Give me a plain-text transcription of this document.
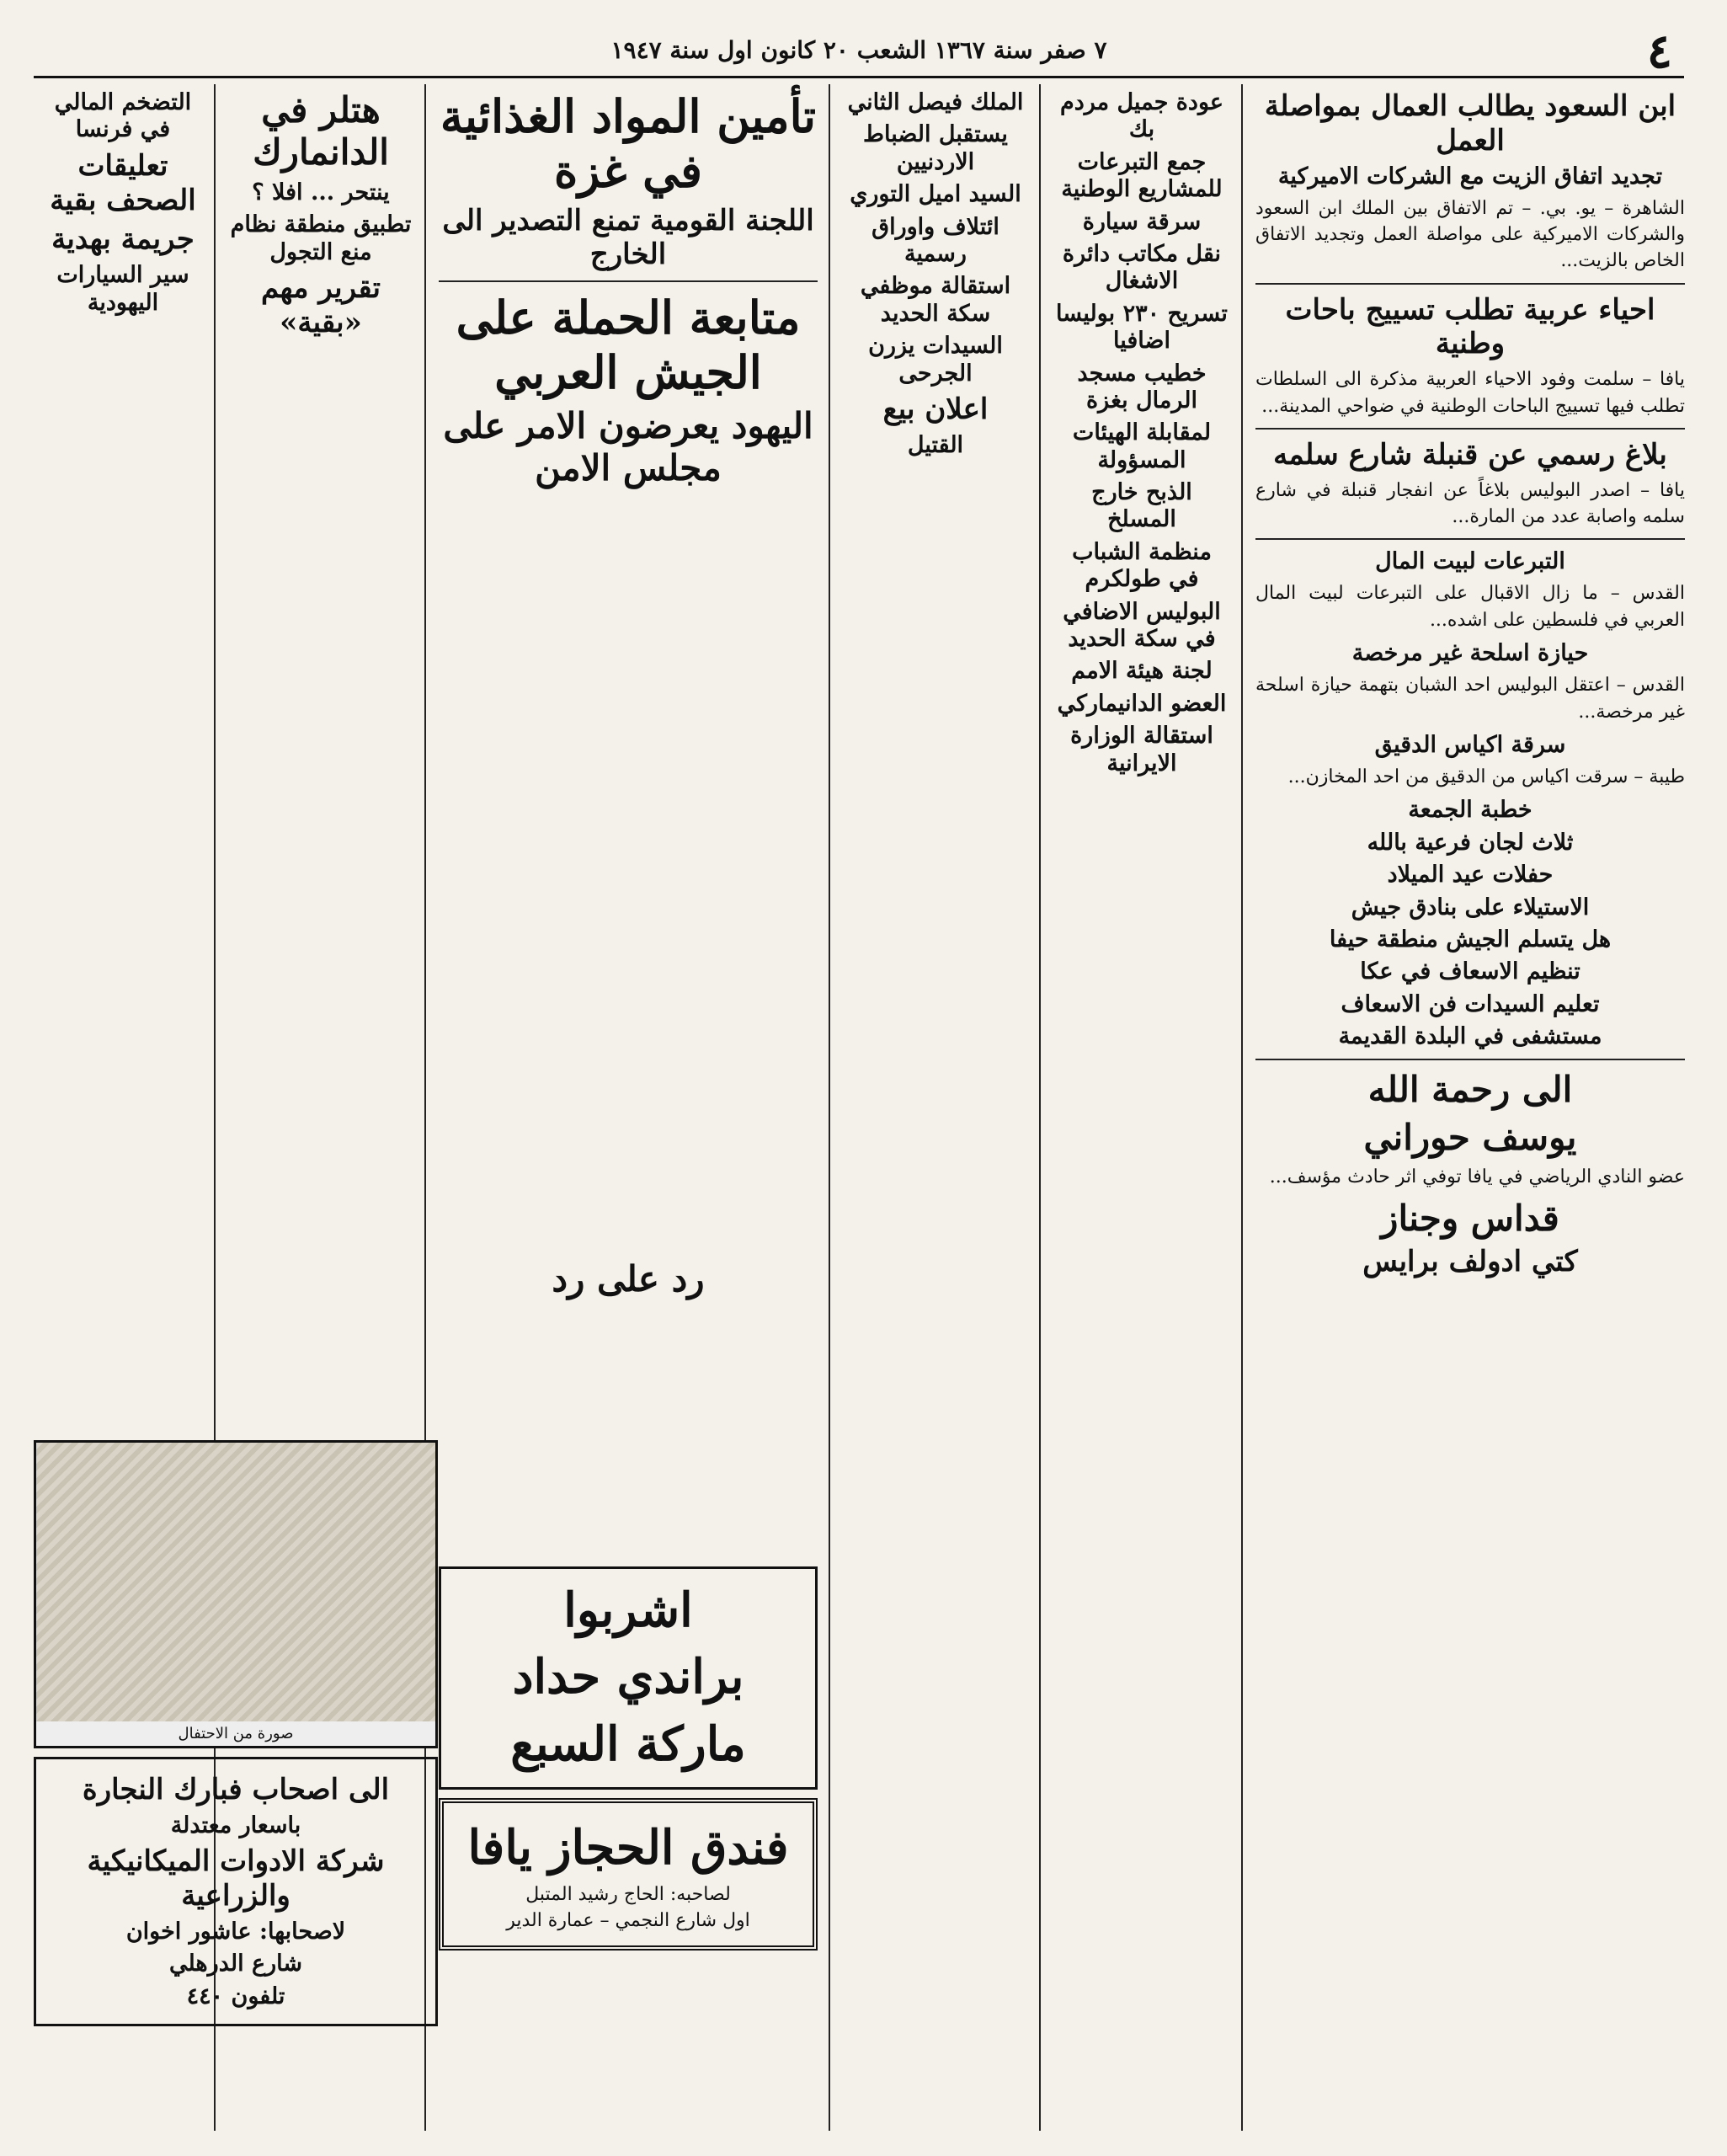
٤
٧ صفر سنة ١٣٦٧ الشعب ٢٠ كانون اول سنة ١٩٤٧
ابن السعود يطالب العمال بمواصلة العمل
تجديد اتفاق الزيت مع الشركات الاميركية
الشاهرة – يو. بي. – تم الاتفاق بين الملك ابن السعود والشركات الاميركية على مواصلة العمل وتجديد الاتفاق الخاص بالزيت...
احياء عربية تطلب تسييج باحات وطنية
يافا – سلمت وفود الاحياء العربية مذكرة الى السلطات تطلب فيها تسييج الباحات الوطنية في ضواحي المدينة...
بلاغ رسمي عن قنبلة شارع سلمه
يافا – اصدر البوليس بلاغاً عن انفجار قنبلة في شارع سلمه واصابة عدد من المارة...
التبرعات لبيت المال
القدس – ما زال الاقبال على التبرعات لبيت المال العربي في فلسطين على اشده...
حيازة اسلحة غير مرخصة
القدس – اعتقل البوليس احد الشبان بتهمة حيازة اسلحة غير مرخصة...
سرقة اكياس الدقيق
طيبة – سرقت اكياس من الدقيق من احد المخازن...
خطبة الجمعة
ثلاث لجان فرعية بالله
حفلات عيد الميلاد
الاستيلاء على بنادق جيش
هل يتسلم الجيش منطقة حيفا
تنظيم الاسعاف في عكا
تعليم السيدات فن الاسعاف
مستشفى في البلدة القديمة
الى رحمة الله
يوسف حوراني
عضو النادي الرياضي في يافا توفي اثر حادث مؤسف...
قداس وجناز
كتي ادولف برايس
عودة جميل مردم بك
جمع التبرعات للمشاريع الوطنية
سرقة سيارة
نقل مكاتب دائرة الاشغال
تسريح ٢٣٠ بوليسا اضافيا
خطيب مسجد الرمال بغزة
لمقابلة الهيئات المسؤولة
الذبح خارج المسلخ
منظمة الشباب في طولكرم
البوليس الاضافي في سكة الحديد
لجنة هيئة الامم
العضو الدانيماركي
استقالة الوزارة الايرانية
الملك فيصل الثاني
يستقبل الضباط الاردنيين
السيد اميل التوري
ائتلاف واوراق رسمية
استقالة موظفي سكة الحديد
السيدات يزرن الجرحى
اعلان بيع
القتيل
تأمين المواد الغذائية في غزة
اللجنة القومية تمنع التصدير الى الخارج
متابعة الحملة على الجيش العربي
اليهود يعرضون الامر على مجلس الامن
رد على رد
اشربوا
براندي حداد
ماركة السبع
فندق الحجاز يافا
لصاحبه: الحاج رشيد المتبل
اول شارع النجمي – عمارة الدير
هتلر في الدانمارك
ينتحر ... افلا ؟
تطبيق منطقة نظام منع التجول
تقرير مهم «بقية»
التضخم المالي في فرنسا
تعليقات الصحف بقية
جريمة بهدية
سير السيارات اليهودية
صورة من الاحتفال
الى اصحاب فبارك النجارة
باسعار معتدلة
شركة الادوات الميكانيكية والزراعية
لاصحابها: عاشور اخوان
شارع الدرهلي
تلفون ٤٤٠
